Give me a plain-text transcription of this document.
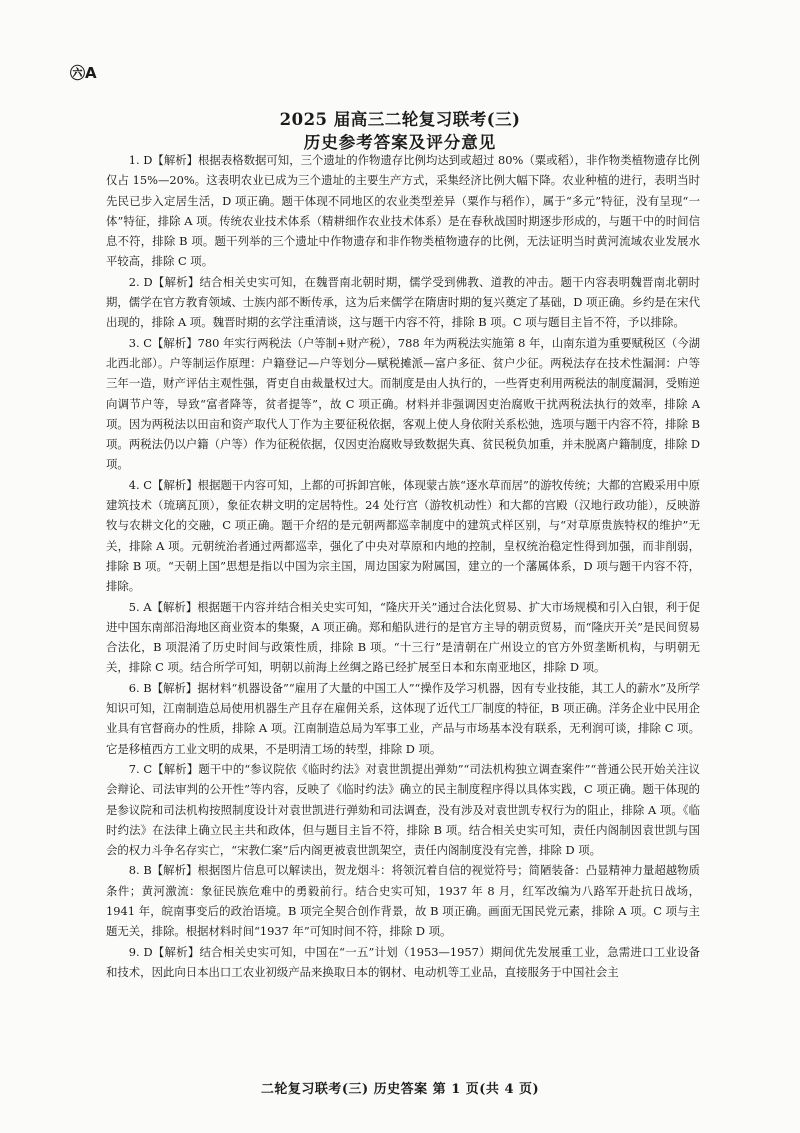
㊅A
2025 届高三二轮复习联考(三)
历史参考答案及评分意见

1. D【解析】根据表格数据可知，三个遗址的作物遗存比例均达到或超过 80%（粟或稻），非作物类植物遗存比例仅占 15%—20%。这表明农业已成为三个遗址的主要生产方式，采集经济比例大幅下降。农业种植的进行，表明当时先民已步入定居生活，D 项正确。题干体现不同地区的农业类型差异（粟作与稻作），属于“多元”特征，没有呈现“一体”特征，排除 A 项。传统农业技术体系（精耕细作农业技术体系）是在春秋战国时期逐步形成的，与题干中的时间信息不符，排除 B 项。题干列举的三个遗址中作物遗存和非作物类植物遗存的比例，无法证明当时黄河流域农业发展水平较高，排除 C 项。

2. D【解析】结合相关史实可知，在魏晋南北朝时期，儒学受到佛教、道教的冲击。题干内容表明魏晋南北朝时期，儒学在官方教育领域、士族内部不断传承，这为后来儒学在隋唐时期的复兴奠定了基础，D 项正确。乡约是在宋代出现的，排除 A 项。魏晋时期的玄学注重清谈，这与题干内容不符，排除 B 项。C 项与题目主旨不符，予以排除。

3. C【解析】780 年实行两税法（户等制+财产税），788 年为两税法实施第 8 年，山南东道为重要赋税区（今湖北西北部）。户等制运作原理：户籍登记—户等划分—赋税摊派—富户多征、贫户少征。两税法存在技术性漏洞：户等三年一造，财产评估主观性强，胥吏自由裁量权过大。而制度是由人执行的，一些胥吏利用两税法的制度漏洞，受贿逆向调节户等，导致“富者降等，贫者提等”，故 C 项正确。材料并非强调因吏治腐败干扰两税法执行的效率，排除 A 项。因为两税法以田亩和资产取代人丁作为主要征税依据，客观上使人身依附关系松弛，选项与题干内容不符，排除 B 项。两税法仍以户籍（户等）作为征税依据，仅因吏治腐败导致数据失真、贫民税负加重，并未脱离户籍制度，排除 D 项。

4. C【解析】根据题干内容可知，上都的可拆卸宫帐，体现蒙古族“逐水草而居”的游牧传统；大都的宫殿采用中原建筑技术（琉璃瓦顶），象征农耕文明的定居特性。24 处行宫（游牧机动性）和大都的宫殿（汉地行政功能），反映游牧与农耕文化的交融，C 项正确。题干介绍的是元朝两都巡幸制度中的建筑式样区别，与“对草原贵族特权的维护”无关，排除 A 项。元朝统治者通过两都巡幸，强化了中央对草原和内地的控制，皇权统治稳定性得到加强，而非削弱，排除 B 项。“天朝上国”思想是指以中国为宗主国，周边国家为附属国，建立的一个藩属体系，D 项与题干内容不符，排除。

5. A【解析】根据题干内容并结合相关史实可知，“隆庆开关”通过合法化贸易、扩大市场规模和引入白银，利于促进中国东南部沿海地区商业资本的集聚，A 项正确。郑和船队进行的是官方主导的朝贡贸易，而“隆庆开关”是民间贸易合法化，B 项混淆了历史时间与政策性质，排除 B 项。“十三行”是清朝在广州设立的官方外贸垄断机构，与明朝无关，排除 C 项。结合所学可知，明朝以前海上丝绸之路已经扩展至日本和东南亚地区，排除 D 项。

6. B【解析】据材料“机器设备”“雇用了大量的中国工人”“操作及学习机器，因有专业技能，其工人的薪水”及所学知识可知，江南制造总局使用机器生产且存在雇佣关系，这体现了近代工厂制度的特征，B 项正确。洋务企业中民用企业具有官督商办的性质，排除 A 项。江南制造总局为军事工业，产品与市场基本没有联系，无利润可谈，排除 C 项。它是移植西方工业文明的成果，不是明清工场的转型，排除 D 项。

7. C【解析】题干中的“参议院依《临时约法》对袁世凯提出弹劾”“司法机构独立调查案件”“普通公民开始关注议会辩论、司法审判的公开性”等内容，反映了《临时约法》确立的民主制度程序得以具体实践，C 项正确。题干体现的是参议院和司法机构按照制度设计对袁世凯进行弹劾和司法调查，没有涉及对袁世凯专权行为的阻止，排除 A 项。《临时约法》在法律上确立民主共和政体，但与题目主旨不符，排除 B 项。结合相关史实可知，责任内阁制因袁世凯与国会的权力斗争名存实亡，“宋教仁案”后内阁更被袁世凯架空，责任内阁制度没有完善，排除 D 项。

8. B【解析】根据图片信息可以解读出，贺龙烟斗：将领沉着自信的视觉符号；简陋装备：凸显精神力量超越物质条件；黄河激流：象征民族危难中的勇毅前行。结合史实可知，1937 年 8 月，红军改编为八路军开赴抗日战场，1941 年，皖南事变后的政治语境。B 项完全契合创作背景，故 B 项正确。画面无国民党元素，排除 A 项。C 项与主题无关，排除。根据材料时间“1937 年”可知时间不符，排除 D 项。

9. D【解析】结合相关史实可知，中国在“一五”计划（1953—1957）期间优先发展重工业，急需进口工业设备和技术，因此向日本出口工农业初级产品来换取日本的钢材、电动机等工业品，直接服务于中国社会主

二轮复习联考(三) 历史答案 第 1 页(共 4 页)
